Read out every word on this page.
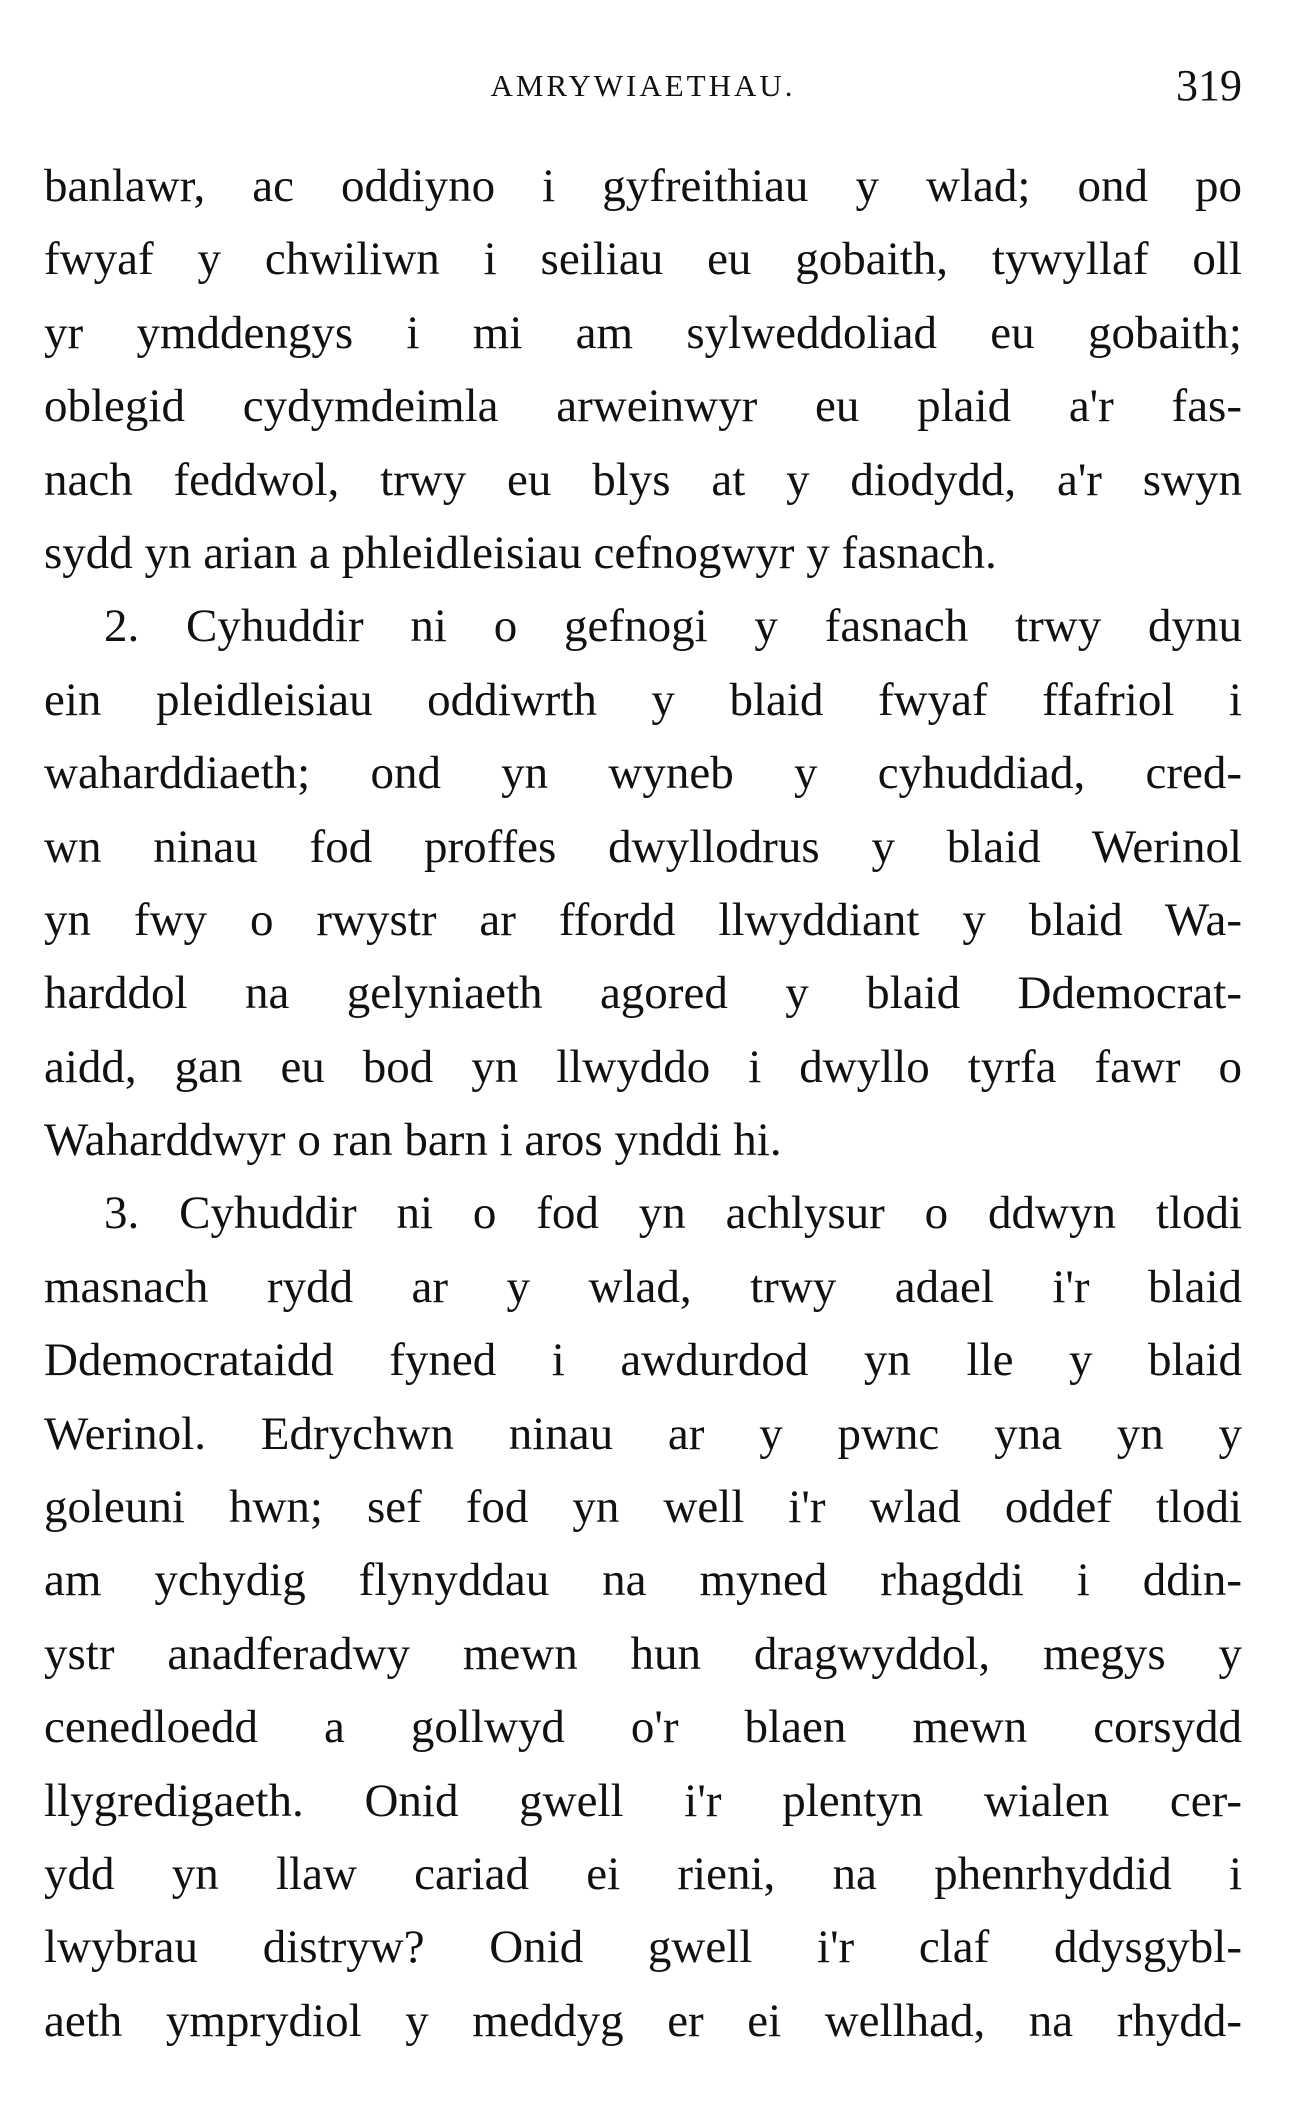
AMRYWIAETHAU.	319
banlawr, ac oddiyno i gyfreithiau y wlad; ond po
fwyaf y chwiliwn i seiliau eu gobaith, tywyllaf oll
yr ymddengys i mi am sylweddoliad eu gobaith;
oblegid cydymdeimla arweinwyr eu plaid a'r fas-
nach feddwol, trwy eu blys at y diodydd, a'r swyn
sydd yn arian a phleidleisiau cefnogwyr y fasnach.
2. Cyhuddir ni o gefnogi y fasnach trwy dynu
ein pleidleisiau oddiwrth y blaid fwyaf ffafriol i
waharddiaeth; ond yn wyneb y cyhuddiad, cred-
wn ninau fod proffes dwyllodrus y blaid Werinol
yn fwy o rwystr ar ffordd llwyddiant y blaid Wa-
harddol na gelyniaeth agored y blaid Ddemocrat-
aidd, gan eu bod yn llwyddo i dwyllo tyrfa fawr o
Waharddwyr o ran barn i aros ynddi hi.
3. Cyhuddir ni o fod yn achlysur o ddwyn tlodi
masnach rydd ar y wlad, trwy adael i'r blaid
Ddemocrataidd fyned i awdurdod yn lle y blaid
Werinol. Edrychwn ninau ar y pwnc yna yn y
goleuni hwn; sef fod yn well i'r wlad oddef tlodi
am ychydig flynyddau na myned rhagddi i ddin-
ystr anadferadwy mewn hun dragwyddol, megys y
cenedloedd a gollwyd o'r blaen mewn corsydd
llygredigaeth. Onid gwell i'r plentyn wialen cer-
ydd yn llaw cariad ei rieni, na phenrhyddid i
lwybrau distryw? Onid gwell i'r claf ddysgybl-
aeth ymprydiol y meddyg er ei wellhad, na rhydd-
